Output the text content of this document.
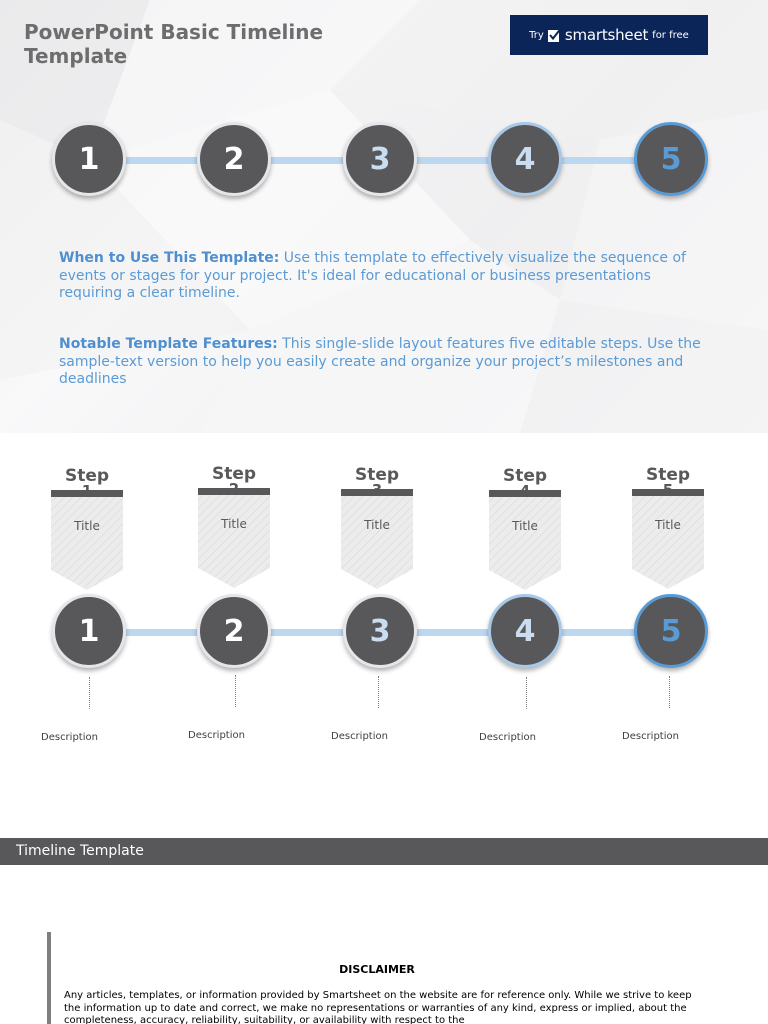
PowerPoint Basic Timeline Template
Try smartsheet for free
1	2	3	4	5

When to Use This Template: Use this template to effectively visualize the sequence of events or stages for your project. It's ideal for educational or business presentations requiring a clear timeline.

Notable Template Features: This single-slide layout features five editable steps. Use the sample-text version to help you easily create and organize your project’s milestones and deadlines

Step
Title
Step
Title
Step
Title
Step
Title
Step
Title
1	2	3	4	5
Description	Description	Description	Description	Description
Timeline Template
DISCLAIMER

Any articles, templates, or information provided by Smartsheet on the website are for reference only. While we strive to keep the information up to date and correct, we make no representations or warranties of any kind, express or implied, about the completeness, accuracy, reliability, suitability, or availability with respect to the
